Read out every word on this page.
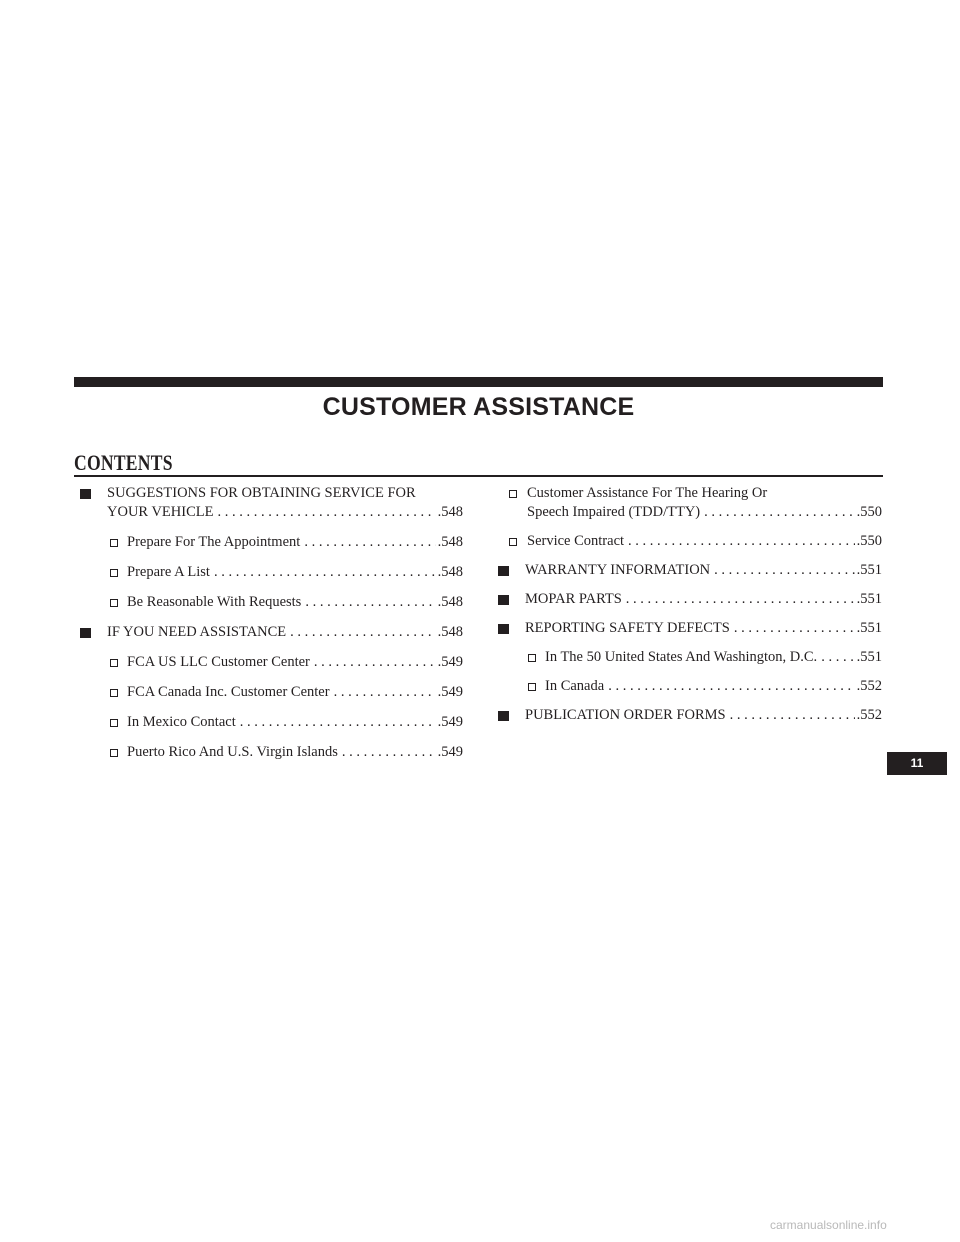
CUSTOMER ASSISTANCE
CONTENTS
SUGGESTIONS FOR OBTAINING SERVICE FOR
YOUR VEHICLE . . .	.548
Prepare For The Appointment . . .	.548
Prepare A List . . .	.548
Be Reasonable With Requests . . .	.548
IF YOU NEED ASSISTANCE . . .	.548
FCA US LLC Customer Center . . .	.549
FCA Canada Inc. Customer Center . . .	.549
In Mexico Contact . . .	.549
Puerto Rico And U.S. Virgin Islands . . .	.549
Customer Assistance For The Hearing Or
Speech Impaired (TDD/TTY) . . .	.550
Service Contract . . .	.550
WARRANTY INFORMATION . . .	.551
MOPAR PARTS . . .	.551
REPORTING SAFETY DEFECTS . . .	.551
In The 50 United States And Washington, D.C. . . .	.551
In Canada . . .	.552
PUBLICATION ORDER FORMS . . .	.552
11
carmanualsonline.info
